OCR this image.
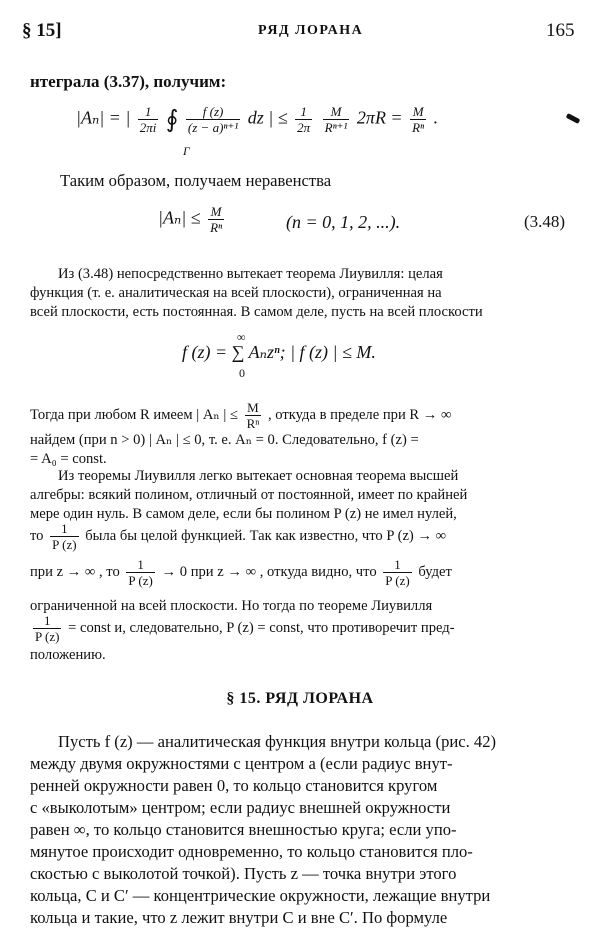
§ 15]	РЯД ЛОРАНА	165
нтеграла (3.37), получим:
|Aₙ| = | $\frac{1}{2\pi i}$ ∮ $\frac{f (z)}{\text{(z − a)ⁿ⁺¹}}$ dz | ≤ $\frac{1}{2\pi}$
$\frac{M}{\text{Rⁿ⁺¹}} 2\pi R = \frac{M}{\text{Rⁿ}}$ .
Γ
Таким образом, получаем неравенства
$|A_n| \le \frac{M}{\text{Rⁿ}}$	(n = 0, 1, 2, ...).	(3.48)
Из (3.48) непосредственно вытекает теорема Лиувилля: целая
функция (т. е. аналитическая на всей плоскости), ограниченная на
всей плоскости, есть постоянная. В самом деле, пусть на всей плоскости
f (z) = ∑ Aₙzⁿ; | f (z) | ≤ M.
∞
0
Тогда при любом R имеем | Aₙ | ≤ $\frac{M}{\text{Rⁿ}}$ , откуда в пределе при R → ∞
найдем (при n > 0) | Aₙ | ≤ 0, т. е. Aₙ = 0. Следовательно, f (z) =
= A₀ = const.
Из теоремы Лиувилля легко вытекает основная теорема высшей
алгебры: всякий полином, отличный от постоянной, имеет по крайней
мере один нуль. В самом деле, если бы полином P (z) не имел нулей,
то $\frac{1}{P (z)}$ была бы целой функцией. Так как известно, что P (z) → ∞
при z → ∞ , то $\frac{1}{P (z)} \to 0$ при z → ∞ , откуда видно, что $\frac{1}{P (z)}$ будет
ограниченной на всей плоскости. Но тогда по теореме Лиувилля
$\frac{1}{P (z)}$ = const и, следовательно, P (z) = const, что противоречит пред-
положению.
§ 15. РЯД ЛОРАНА
Пусть f (z) — аналитическая функция внутри кольца (рис. 42)
между двумя окружностями с центром a (если радиус внут-
ренней окружности равен 0, то кольцо становится кругом
с «выколотым» центром; если радиус внешней окружности
равен ∞, то кольцо становится внешностью круга; если упо-
мянутое происходит одновременно, то кольцо становится пло-
скостью с выколотой точкой). Пусть z — точка внутри этого
кольца, C и C′ — концентрические окружности, лежащие внутри
кольца и такие, что z лежит внутри C и вне C′. По формуле
